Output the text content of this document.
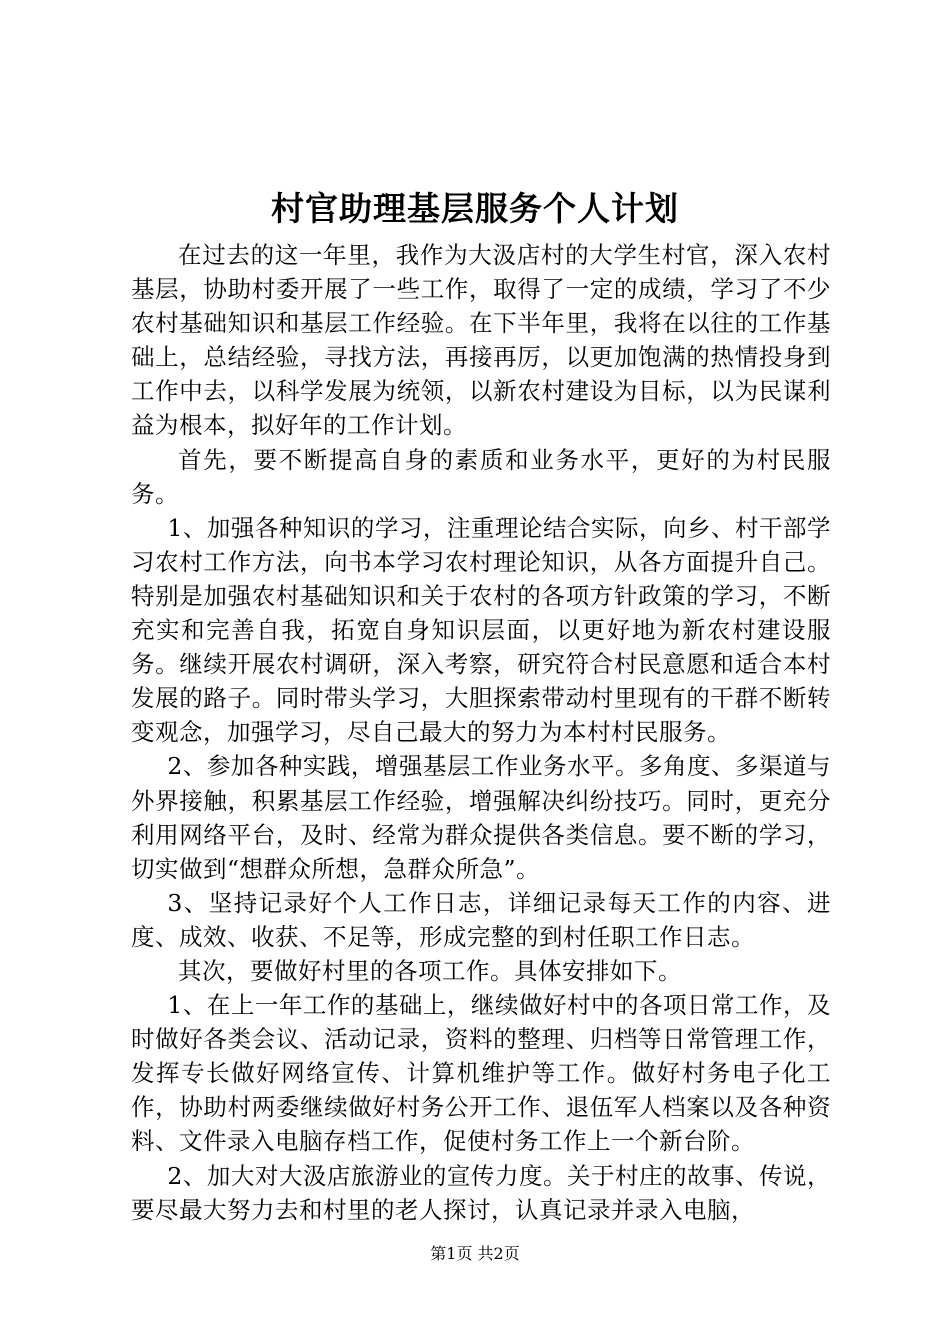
村官助理基层服务个人计划

在过去的这一年里，我作为大汲店村的大学生村官，深入农村基层，协助村委开展了一些工作，取得了一定的成绩，学习了不少农村基础知识和基层工作经验。在下半年里，我将在以往的工作基础上，总结经验，寻找方法，再接再厉，以更加饱满的热情投身到工作中去，以科学发展为统领，以新农村建设为目标，以为民谋利益为根本，拟好年的工作计划。

首先，要不断提高自身的素质和业务水平，更好的为村民服务。

1、加强各种知识的学习，注重理论结合实际，向乡、村干部学习农村工作方法，向书本学习农村理论知识，从各方面提升自己。特别是加强农村基础知识和关于农村的各项方针政策的学习，不断充实和完善自我，拓宽自身知识层面，以更好地为新农村建设服务。继续开展农村调研，深入考察，研究符合村民意愿和适合本村发展的路子。同时带头学习，大胆探索带动村里现有的干群不断转变观念，加强学习，尽自己最大的努力为本村村民服务。

2、参加各种实践，增强基层工作业务水平。多角度、多渠道与外界接触，积累基层工作经验，增强解决纠纷技巧。同时，更充分利用网络平台，及时、经常为群众提供各类信息。要不断的学习，切实做到“想群众所想，急群众所急”。

3、坚持记录好个人工作日志，详细记录每天工作的内容、进度、成效、收获、不足等，形成完整的到村任职工作日志。

其次，要做好村里的各项工作。具体安排如下。

1、在上一年工作的基础上，继续做好村中的各项日常工作，及时做好各类会议、活动记录，资料的整理、归档等日常管理工作，发挥专长做好网络宣传、计算机维护等工作。做好村务电子化工作，协助村两委继续做好村务公开工作、退伍军人档案以及各种资料、文件录入电脑存档工作，促使村务工作上一个新台阶。

2、加大对大汲店旅游业的宣传力度。关于村庄的故事、传说，要尽最大努力去和村里的老人探讨，认真记录并录入电脑，

第1页 共2页
